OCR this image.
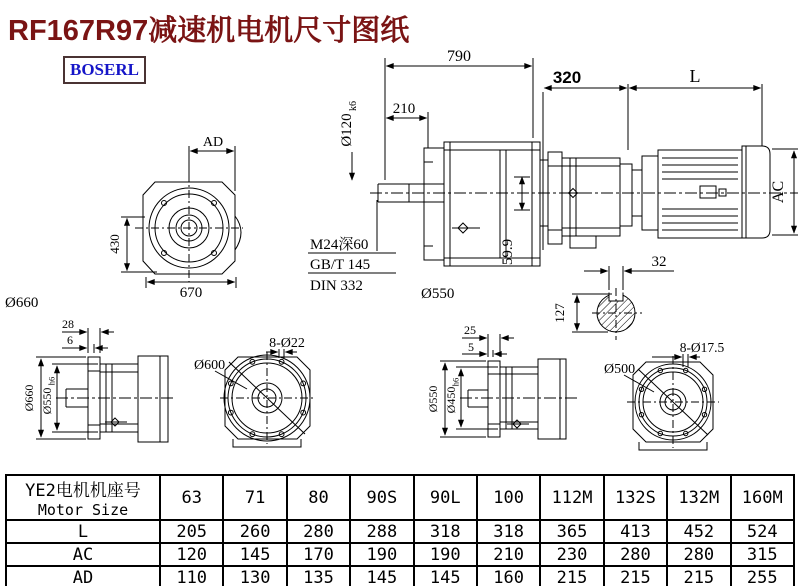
RF167R97减速机电机尺寸图纸
BOSERL
790
210
320	L
Ø120
k6
M24深60
GB/T 145
DIN 332
59.9
Ø550
AC
AD
430
670
Ø660
32
127
28
6
Ø660 Ø550
h6
Ø600
8-Ø22
25
5
Ø550 Ø450
h6
Ø500
8-Ø17.5
YE2电机机座号
Motor Size	63	71	80	90S	90L	100	112M	132S	132M	160M
L	205	260	280	288	318	318	365	413	452	524
AC	120	145	170	190	190	210	230	280	280	315
AD	110	130	135	145	145	160	215	215	215	255
